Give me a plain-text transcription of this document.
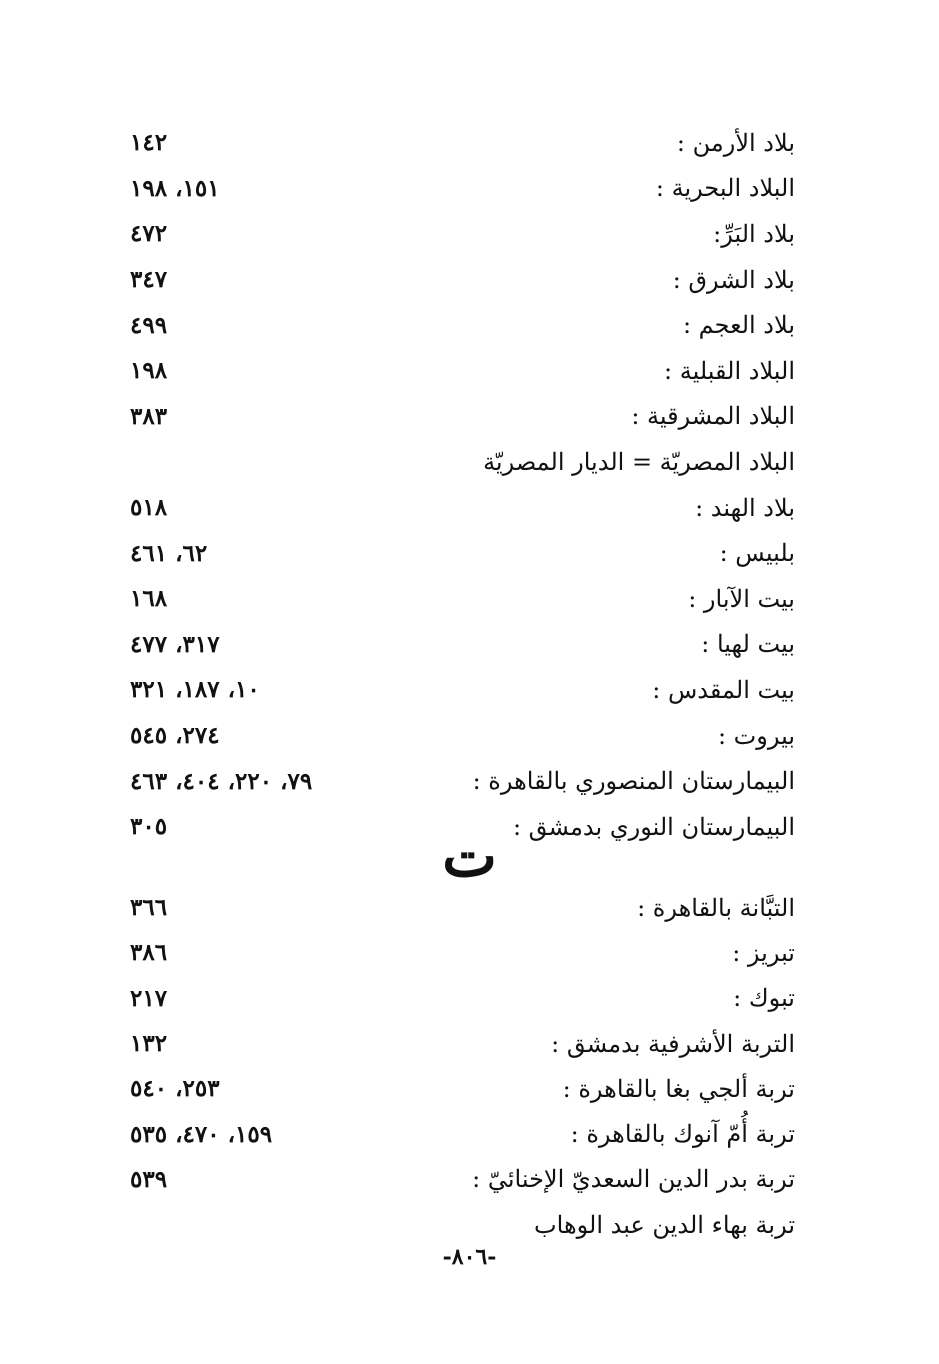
بلاد الأرمن :
١٤٢
البلاد البحرية :
١٥١، ١٩٨
بلاد البَرِّ:
٤٧٢
بلاد الشرق :
٣٤٧
بلاد العجم :
٤٩٩
البلاد القبلية :
١٩٨
البلاد المشرقية :
٣٨٣
البلاد المصريّة = الديار المصريّة
بلاد الهند :
٥١٨
بلبيس :
٦٢، ٤٦١
بيت الآبار :
١٦٨
بيت لهيا :
٣١٧، ٤٧٧
بيت المقدس :
١٠، ١٨٧، ٣٢١
بيروت :
٢٧٤، ٥٤٥
البيمارستان المنصوري بالقاهرة :
٧٩، ٢٢٠، ٤٠٤، ٤٦٣
البيمارستان النوري بدمشق :
٣٠٥	ت
التبَّانة بالقاهرة :
٣٦٦
تبريز :
٣٨٦
تبوك :
٢١٧
التربة الأشرفية بدمشق :
١٣٢
تربة ألجي بغا بالقاهرة :
٢٥٣، ٥٤٠
تربة أُمّ آنوك بالقاهرة :
١٥٩، ٤٧٠، ٥٣٥
تربة بدر الدين السعديّ الإخنائيّ :
٥٣٩
تربة بهاء الدين عبد الوهاب
-٨٠٦-
